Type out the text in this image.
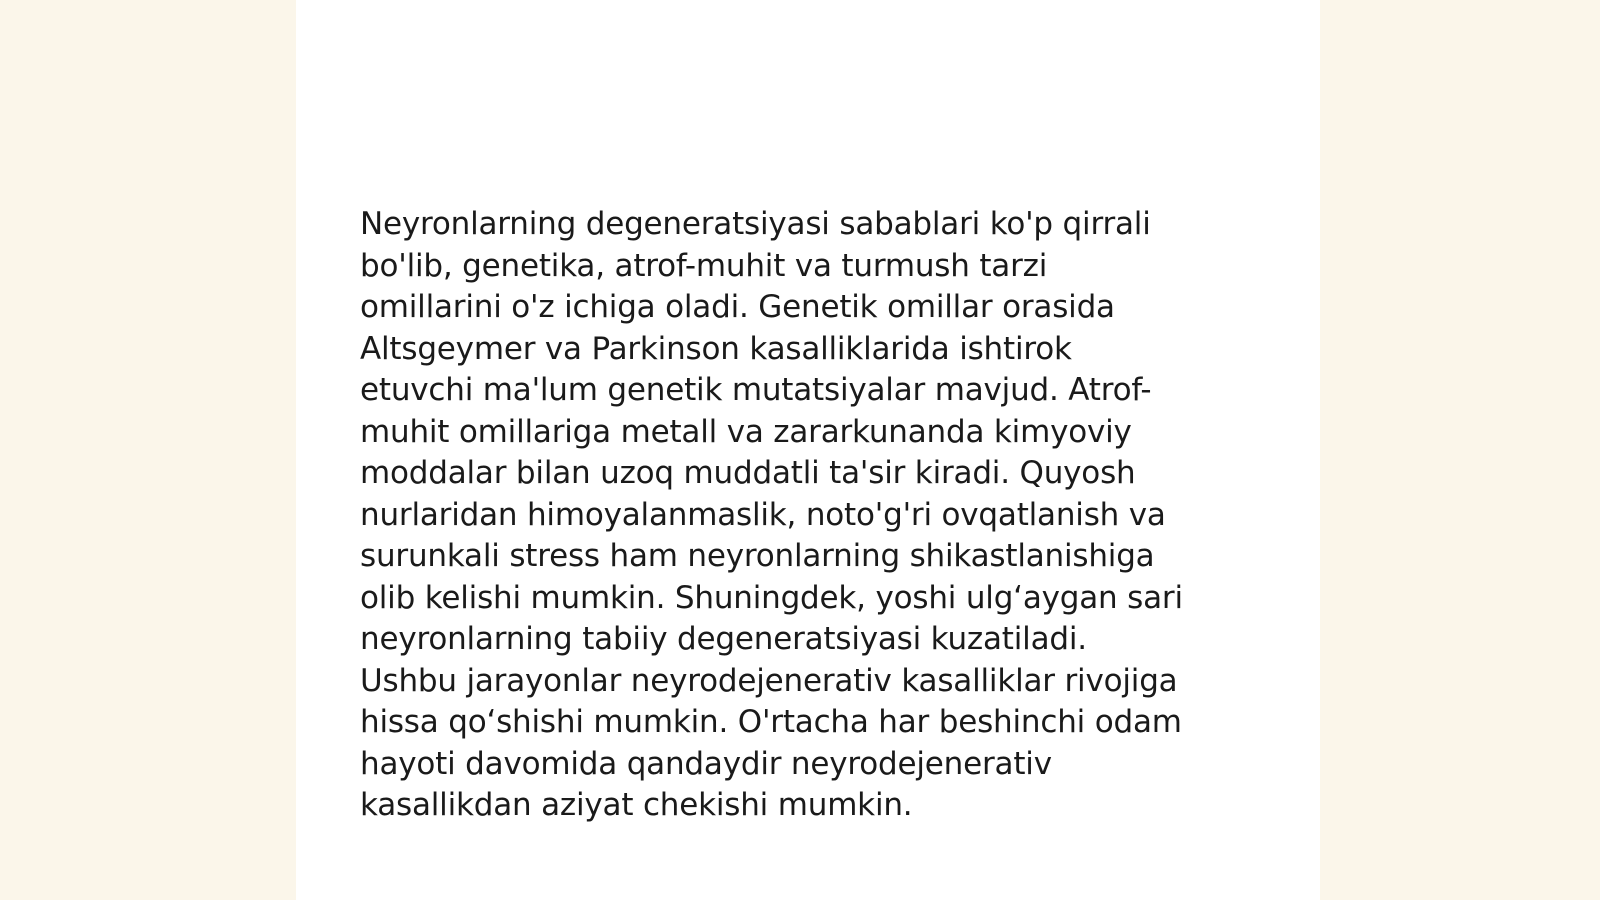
Neyronlarning degeneratsiyasi sabablari ko'p qirrali
bo'lib, genetika, atrof-muhit va turmush tarzi
omillarini o'z ichiga oladi. Genetik omillar orasida
Altsgeymer va Parkinson kasalliklarida ishtirok
etuvchi ma'lum genetik mutatsiyalar mavjud. Atrof-
muhit omillariga metall va zararkunanda kimyoviy
moddalar bilan uzoq muddatli ta'sir kiradi. Quyosh
nurlaridan himoyalanmaslik, noto'g'ri ovqatlanish va
surunkali stress ham neyronlarning shikastlanishiga
olib kelishi mumkin. Shuningdek, yoshi ulg‘aygan sari
neyronlarning tabiiy degeneratsiyasi kuzatiladi.
Ushbu jarayonlar neyrodejenerativ kasalliklar rivojiga
hissa qo‘shishi mumkin. O'rtacha har beshinchi odam
hayoti davomida qandaydir neyrodejenerativ
kasallikdan aziyat chekishi mumkin.
